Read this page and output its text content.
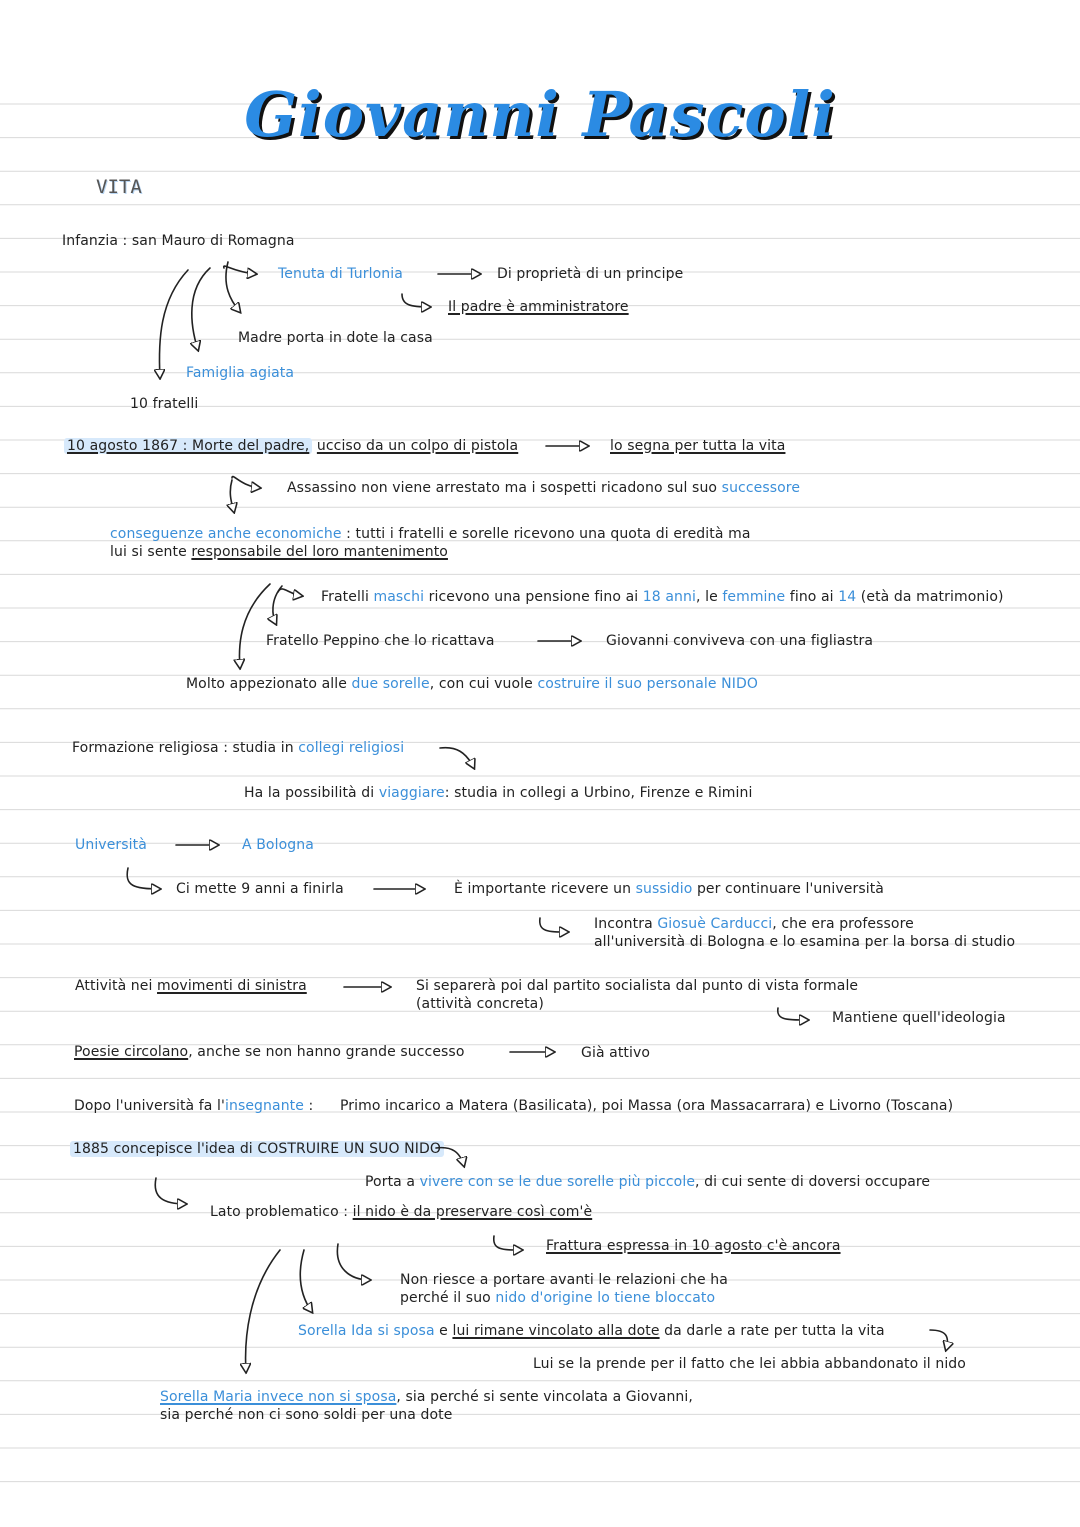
Giovanni Pascoli
VITA
Infanzia : san Mauro di Romagna
Tenuta di Turlonia	Di proprietà di un principe
Il padre è amministratore
Madre porta in dote la casa
Famiglia agiata
10 fratelli
10 agosto 1867 : Morte del padre, ucciso da un colpo di pistola	lo segna per tutta la vita
Assassino non viene arrestato ma i sospetti ricadono sul suo successore
conseguenze anche economiche : tutti i fratelli e sorelle ricevono una quota di eredità ma
lui si sente responsabile del loro mantenimento
Fratelli maschi ricevono una pensione fino ai 18 anni, le femmine fino ai 14 (età da matrimonio)
Fratello Peppino che lo ricattava	Giovanni conviveva con una figliastra
Molto appezionato alle due sorelle, con cui vuole costruire il suo personale NIDO
Formazione religiosa : studia in collegi religiosi
Ha la possibilità di viaggiare: studia in collegi a Urbino, Firenze e Rimini
Università	A Bologna
Ci mette 9 anni a finirla	È importante ricevere un sussidio per continuare l'università
Incontra Giosuè Carducci, che era professore
all'università di Bologna e lo esamina per la borsa di studio
Attività nei movimenti di sinistra	Si separerà poi dal partito socialista dal punto di vista formale
(attività concreta)
Mantiene quell'ideologia
Poesie circolano, anche se non hanno grande successo	Già attivo
Dopo l'università fa l'insegnante : Primo incarico a Matera (Basilicata), poi Massa (ora Massacarrara) e Livorno (Toscana)
1885 concepisce l'idea di COSTRUIRE UN SUO NIDO
Porta a vivere con se le due sorelle più piccole, di cui sente di doversi occupare
Lato problematico : il nido è da preservare così com'è
Frattura espressa in 10 agosto c'è ancora
Non riesce a portare avanti le relazioni che ha
perché il suo nido d'origine lo tiene bloccato
Sorella Ida si sposa e lui rimane vincolato alla dote da darle a rate per tutta la vita
Lui se la prende per il fatto che lei abbia abbandonato il nido
Sorella Maria invece non si sposa, sia perché si sente vincolata a Giovanni,
sia perché non ci sono soldi per una dote
